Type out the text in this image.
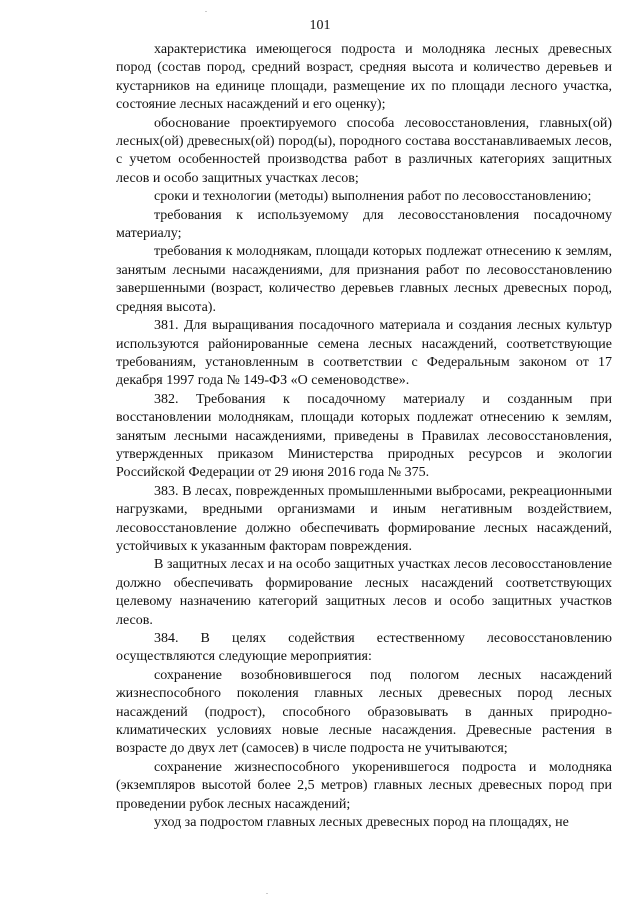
101

характеристика имеющегося подроста и молодняка лесных древесных пород (состав пород, средний возраст, средняя высота и количество деревьев и кустарников на единице площади, размещение их по площади лесного участка, состояние лесных насаждений и его оценку);

обоснование проектируемого способа лесовосстановления, главных(ой) лесных(ой) древесных(ой) пород(ы), породного состава восстанавливаемых лесов, с учетом особенностей производства работ в различных категориях защитных лесов и особо защитных участках лесов;

сроки и технологии (методы) выполнения работ по лесовосстановлению;

требования к используемому для лесовосстановления посадочному материалу;

требования к молоднякам, площади которых подлежат отнесению к землям, занятым лесными насаждениями, для признания работ по лесовосстановлению завершенными (возраст, количество деревьев главных лесных древесных пород, средняя высота).

381. Для выращивания посадочного материала и создания лесных культур используются районированные семена лесных насаждений, соответствующие требованиям, установленным в соответствии с Федеральным законом от 17 декабря 1997 года № 149-ФЗ «О семеноводстве».

382. Требования к посадочному материалу и созданным при восстановлении молоднякам, площади которых подлежат отнесению к землям, занятым лесными насаждениями, приведены в Правилах лесовосстановления, утвержденных приказом Министерства природных ресурсов и экологии Российской Федерации от 29 июня 2016 года № 375.

383. В лесах, поврежденных промышленными выбросами, рекреационными нагрузками, вредными организмами и иным негативным воздействием, лесовосстановление должно обеспечивать формирование лесных насаждений, устойчивых к указанным факторам повреждения.

В защитных лесах и на особо защитных участках лесов лесовосстановление должно обеспечивать формирование лесных насаждений соответствующих целевому назначению категорий защитных лесов и особо защитных участков лесов.

384. В целях содействия естественному лесовосстановлению осуществляются следующие мероприятия:

сохранение возобновившегося под пологом лесных насаждений жизнеспособного поколения главных лесных древесных пород лесных насаждений (подрост), способного образовывать в данных природно-климатических условиях новые лесные насаждения. Древесные растения в возрасте до двух лет (самосев) в числе подроста не учитываются;

сохранение жизнеспособного укоренившегося подроста и молодняка (экземпляров высотой более 2,5 метров) главных лесных древесных пород при проведении рубок лесных насаждений;

уход за подростом главных лесных древесных пород на площадях, не

.
.
